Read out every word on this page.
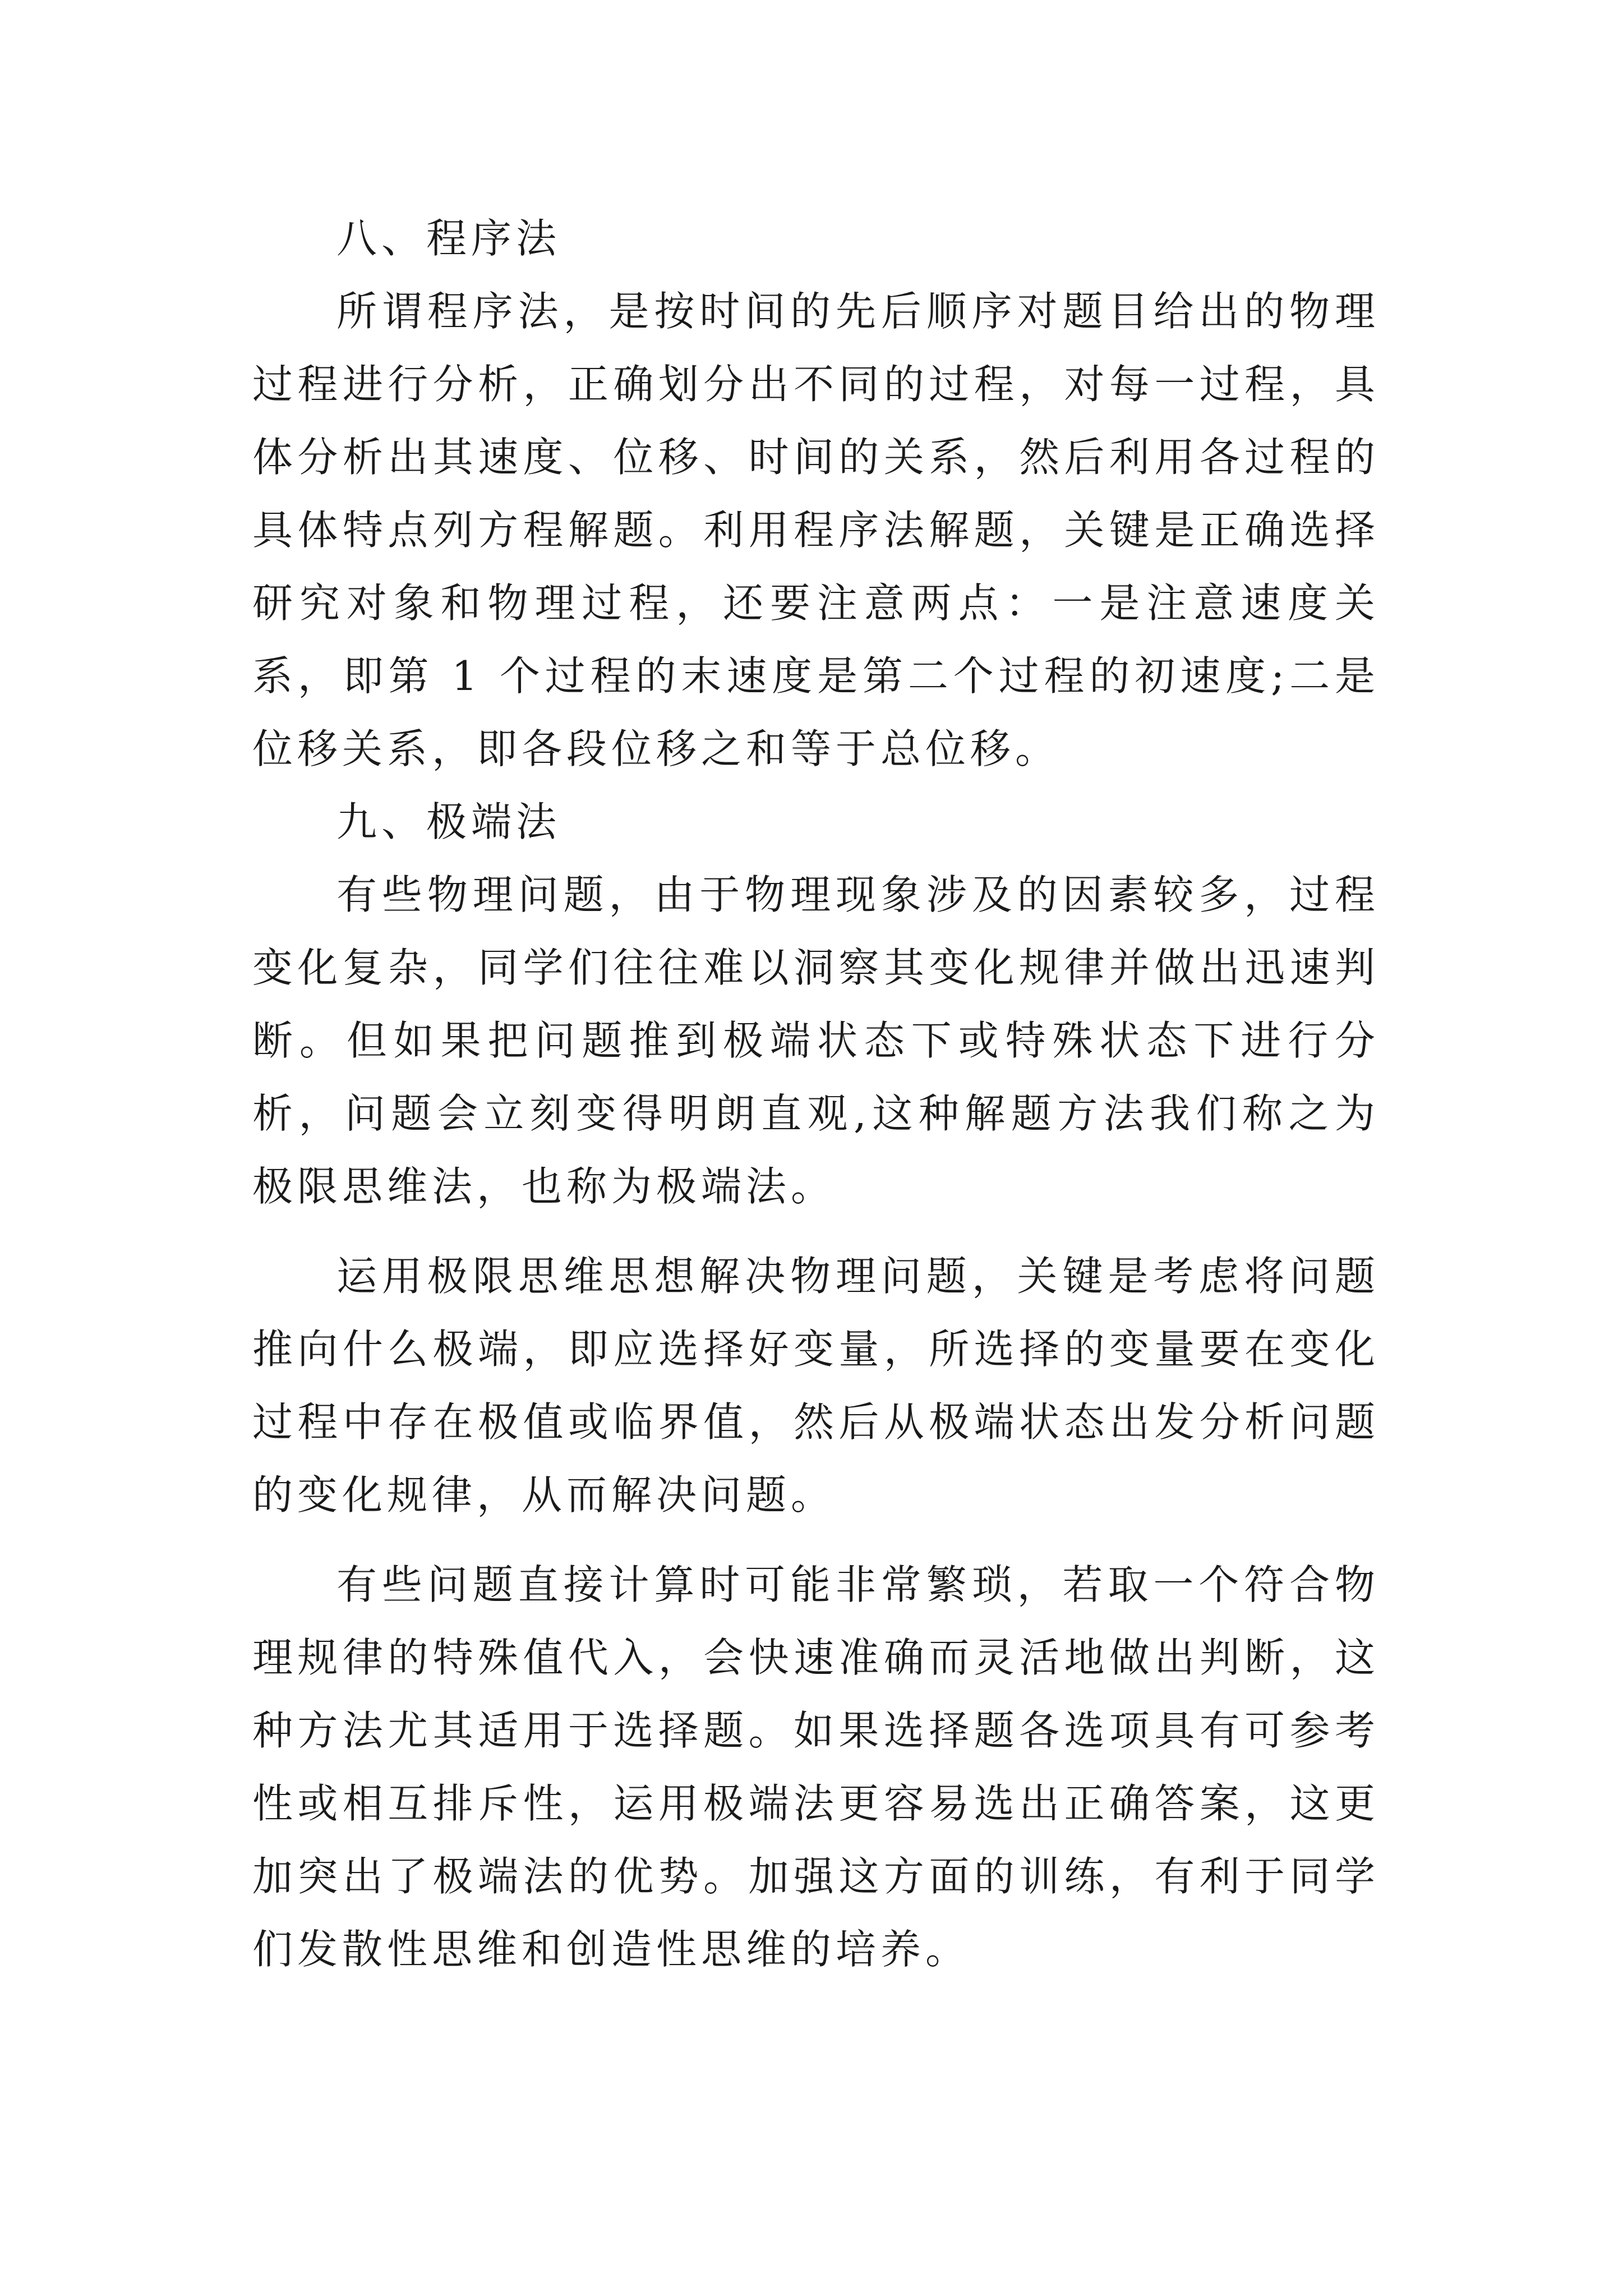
八、程序法

所谓程序法，是按时间的先后顺序对题目给出的物理过程进行分析，正确划分出不同的过程，对每一过程，具体分析出其速度、位移、时间的关系，然后利用各过程的具体特点列方程解题。利用程序法解题，关键是正确选择研究对象和物理过程，还要注意两点：一是注意速度关系，即第 1 个过程的末速度是第二个过程的初速度;二是位移关系，即各段位移之和等于总位移。

九、极端法

有些物理问题，由于物理现象涉及的因素较多，过程变化复杂，同学们往往难以洞察其变化规律并做出迅速判断。但如果把问题推到极端状态下或特殊状态下进行分析，问题会立刻变得明朗直观,这种解题方法我们称之为极限思维法，也称为极端法。

运用极限思维思想解决物理问题，关键是考虑将问题推向什么极端，即应选择好变量，所选择的变量要在变化过程中存在极值或临界值，然后从极端状态出发分析问题的变化规律，从而解决问题。

有些问题直接计算时可能非常繁琐，若取一个符合物理规律的特殊值代入，会快速准确而灵活地做出判断，这种方法尤其适用于选择题。如果选择题各选项具有可参考性或相互排斥性，运用极端法更容易选出正确答案，这更加突出了极端法的优势。加强这方面的训练，有利于同学们发散性思维和创造性思维的培养。
